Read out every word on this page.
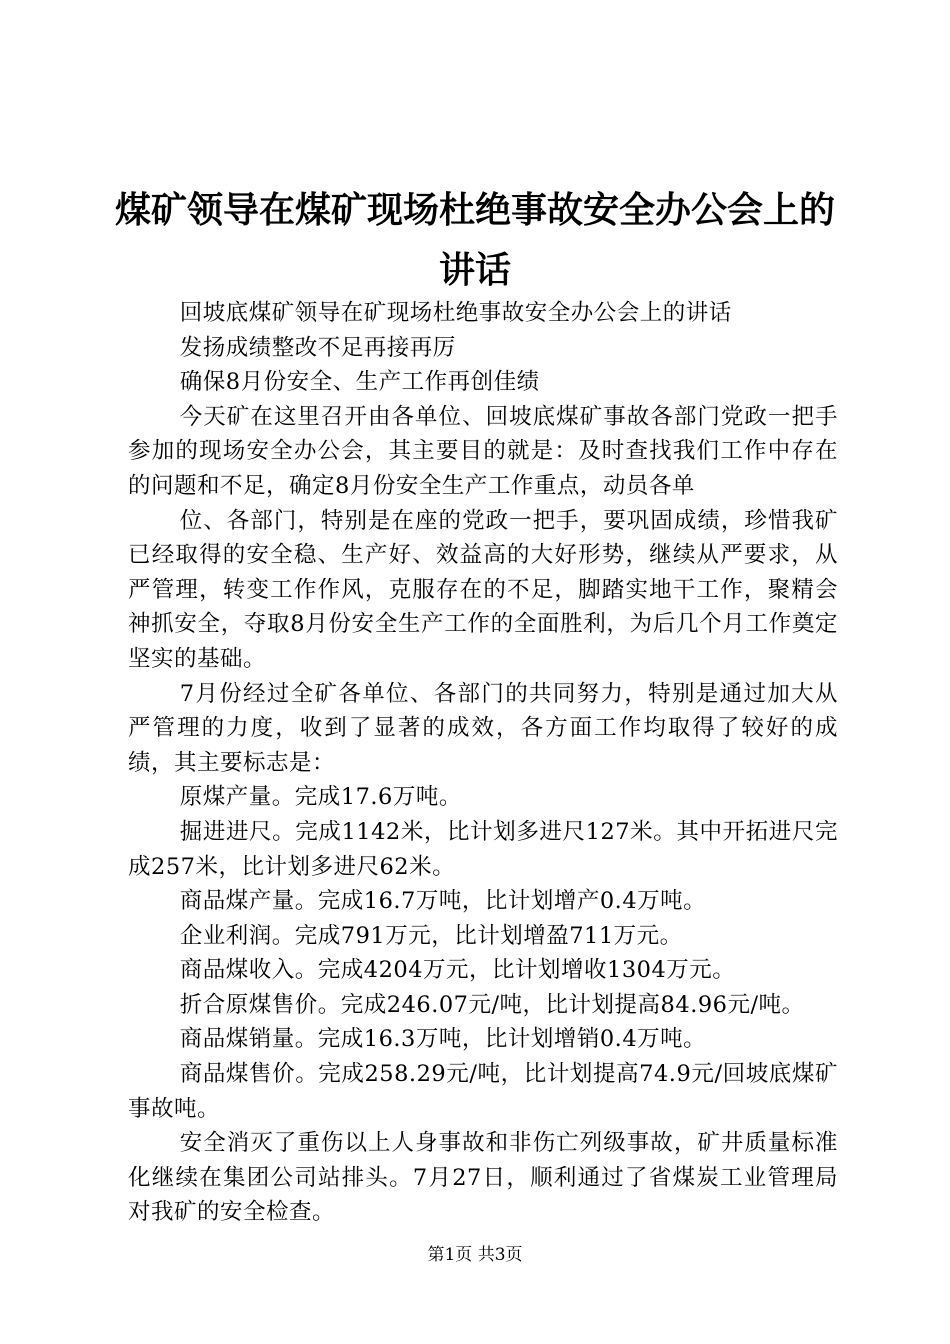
煤矿领导在煤矿现场杜绝事故安全办公会上的
讲话

回坡底煤矿领导在矿现场杜绝事故安全办公会上的讲话

发扬成绩整改不足再接再厉

确保8月份安全、生产工作再创佳绩

今天矿在这里召开由各单位、回坡底煤矿事故各部门党政一把手参加的现场安全办公会，其主要目的就是：及时查找我们工作中存在的问题和不足，确定8月份安全生产工作重点，动员各单

位、各部门，特别是在座的党政一把手，要巩固成绩，珍惜我矿已经取得的安全稳、生产好、效益高的大好形势，继续从严要求，从严管理，转变工作作风，克服存在的不足，脚踏实地干工作，聚精会神抓安全，夺取8月份安全生产工作的全面胜利，为后几个月工作奠定坚实的基础。

7月份经过全矿各单位、各部门的共同努力，特别是通过加大从严管理的力度，收到了显著的成效，各方面工作均取得了较好的成绩，其主要标志是：

原煤产量。完成17.6万吨。

掘进进尺。完成1142米，比计划多进尺127米。其中开拓进尺完成257米，比计划多进尺62米。

商品煤产量。完成16.7万吨，比计划增产0.4万吨。

企业利润。完成791万元，比计划增盈711万元。

商品煤收入。完成4204万元，比计划增收1304万元。

折合原煤售价。完成246.07元/吨，比计划提高84.96元/吨。

商品煤销量。完成16.3万吨，比计划增销0.4万吨。

商品煤售价。完成258.29元/吨，比计划提高74.9元/回坡底煤矿事故吨。

安全消灭了重伤以上人身事故和非伤亡列级事故，矿井质量标准化继续在集团公司站排头。7月27日，顺利通过了省煤炭工业管理局对我矿的安全检查。

第1页 共3页
